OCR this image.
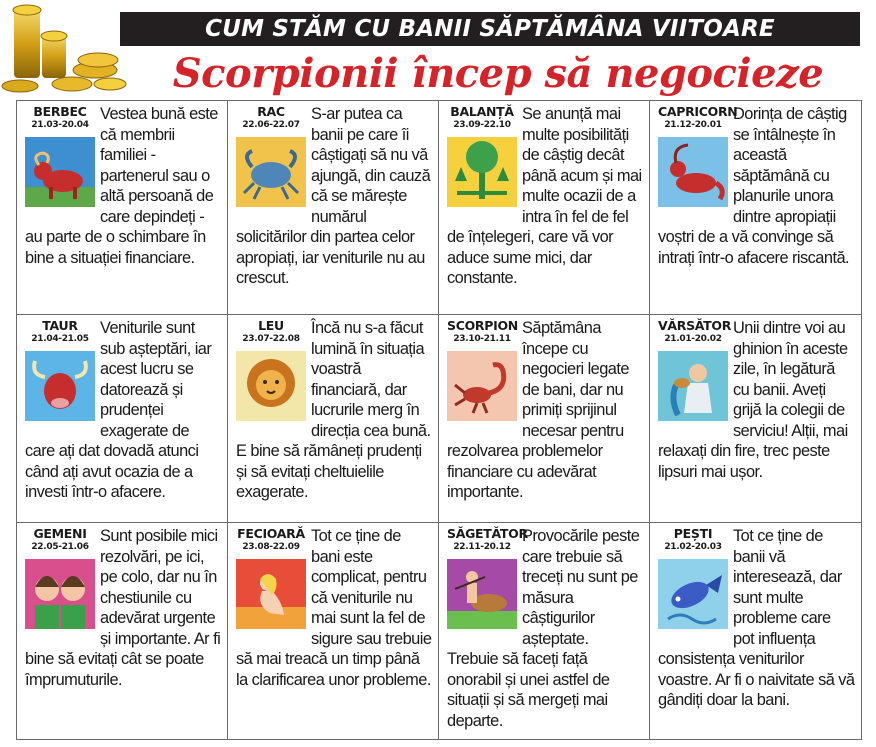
CUM STĂM CU BANII SĂPTĂMÂNA VIITOARE
Scorpionii încep să negocieze
BERBEC
21.03-20.04
Vestea bună este că membrii familiei - partenerul sau o altă persoană de care depindeți - au parte de o schimbare în bine a situației financiare.
RAC
22.06-22.07
S-ar putea ca banii pe care îi câștigați să nu vă ajungă, din cauză că se mărește numărul solicitărilor din partea celor apropiați, iar veniturile nu au crescut.
BALANȚĂ
23.09-22.10
Se anunță mai multe posibilități de câștig decât până acum și mai multe ocazii de a intra în fel de fel de înțelegeri, care vă vor aduce sume mici, dar constante.
CAPRICORN
21.12-20.01
Dorința de câștig se întâlnește în această săptămână cu planurile unora dintre apropiații voștri de a vă convinge să intrați într-o afacere riscantă.
TAUR
21.04-21.05
Veniturile sunt sub așteptări, iar acest lucru se datorează și prudenței exagerate de care ați dat dovadă atunci când ați avut ocazia de a investi într-o afacere.
LEU
23.07-22.08
Încă nu s-a făcut lumină în situația voastră financiară, dar lucrurile merg în direcția cea bună. E bine să rămâneți prudenți și să evitați cheltuielile exagerate.
SCORPION
23.10-21.11
Săptămâna începe cu negocieri legate de bani, dar nu primiți sprijinul necesar pentru rezolvarea problemelor financiare cu adevărat importante.
VĂRSĂTOR
21.01-20.02
Unii dintre voi au ghinion în aceste zile, în legătură cu banii. Aveți grijă la colegii de serviciu! Alții, mai relaxați din fire, trec peste lipsuri mai ușor.
GEMENI
22.05-21.06
Sunt posibile mici rezolvări, pe ici, pe colo, dar nu în chestiunile cu adevărat urgente și importante. Ar fi bine să evitați cât se poate împrumuturile.
FECIOARĂ
23.08-22.09
Tot ce ține de bani este complicat, pentru că veniturile nu mai sunt la fel de sigure sau trebuie să mai treacă un timp până la clarificarea unor probleme.
SĂGETĂTOR
22.11-20.12
Provocările peste care trebuie să treceți nu sunt pe măsura câștigurilor așteptate. Trebuie să faceți față onorabil și unei astfel de situații și să mergeți mai departe.
PEȘTI
21.02-20.03
Tot ce ține de banii vă interesează, dar sunt multe probleme care pot influența consistența veniturilor voastre. Ar fi o naivitate să vă gândiți doar la bani.
